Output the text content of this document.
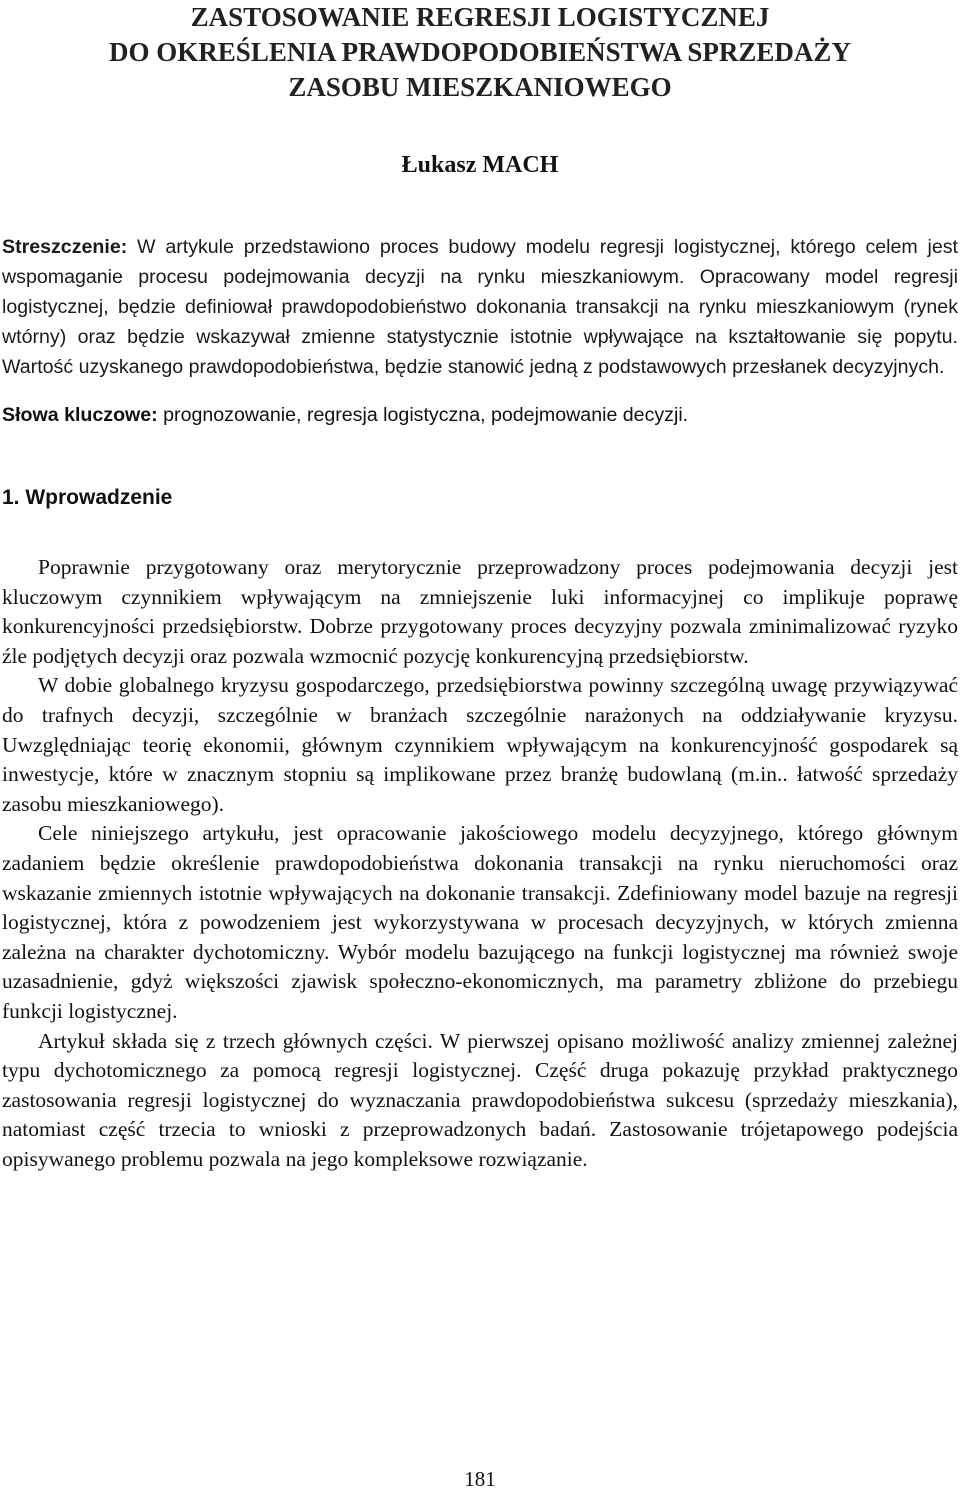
ZASTOSOWANIE REGRESJI LOGISTYCZNEJ
DO OKREŚLENIA PRAWDOPODOBIEŃSTWA SPRZEDAŻY
ZASOBU MIESZKANIOWEGO
Łukasz MACH

Streszczenie: W artykule przedstawiono proces budowy modelu regresji logistycznej, którego celem jest wspomaganie procesu podejmowania decyzji na rynku mieszkaniowym. Opracowany model regresji logistycznej, będzie definiował prawdopodobieństwo dokonania transakcji na rynku mieszkaniowym (rynek wtórny) oraz będzie wskazywał zmienne statystycznie istotnie wpływające na kształtowanie się popytu. Wartość uzyskanego prawdopodobieństwa, będzie stanowić jedną z podstawowych przesłanek decyzyjnych.

Słowa kluczowe: prognozowanie, regresja logistyczna, podejmowanie decyzji.

1. Wprowadzenie

Poprawnie przygotowany oraz merytorycznie przeprowadzony proces podejmowania decyzji jest kluczowym czynnikiem wpływającym na zmniejszenie luki informacyjnej co implikuje poprawę konkurencyjności przedsiębiorstw. Dobrze przygotowany proces decyzyjny pozwala zminimalizować ryzyko źle podjętych decyzji oraz pozwala wzmocnić pozycję konkurencyjną przedsiębiorstw.

W dobie globalnego kryzysu gospodarczego, przedsiębiorstwa powinny szczególną uwagę przywiązywać do trafnych decyzji, szczególnie w branżach szczególnie narażonych na oddziaływanie kryzysu. Uwzględniając teorię ekonomii, głównym czynnikiem wpływającym na konkurencyjność gospodarek są inwestycje, które w znacznym stopniu są implikowane przez branżę budowlaną (m.in.. łatwość sprzedaży zasobu mieszkaniowego).

Cele niniejszego artykułu, jest opracowanie jakościowego modelu decyzyjnego, którego głównym zadaniem będzie określenie prawdopodobieństwa dokonania transakcji na rynku nieruchomości oraz wskazanie zmiennych istotnie wpływających na dokonanie transakcji. Zdefiniowany model bazuje na regresji logistycznej, która z powodzeniem jest wykorzystywana w procesach decyzyjnych, w których zmienna zależna na charakter dychotomiczny. Wybór modelu bazującego na funkcji logistycznej ma również swoje uzasadnienie, gdyż większości zjawisk społeczno-ekonomicznych, ma parametry zbliżone do przebiegu funkcji logistycznej.

Artykuł składa się z trzech głównych części. W pierwszej opisano możliwość analizy zmiennej zależnej typu dychotomicznego za pomocą regresji logistycznej. Część druga pokazuję przykład praktycznego zastosowania regresji logistycznej do wyznaczania prawdopodobieństwa sukcesu (sprzedaży mieszkania), natomiast część trzecia to wnioski z przeprowadzonych badań. Zastosowanie trójetapowego podejścia opisywanego problemu pozwala na jego kompleksowe rozwiązanie.

181
